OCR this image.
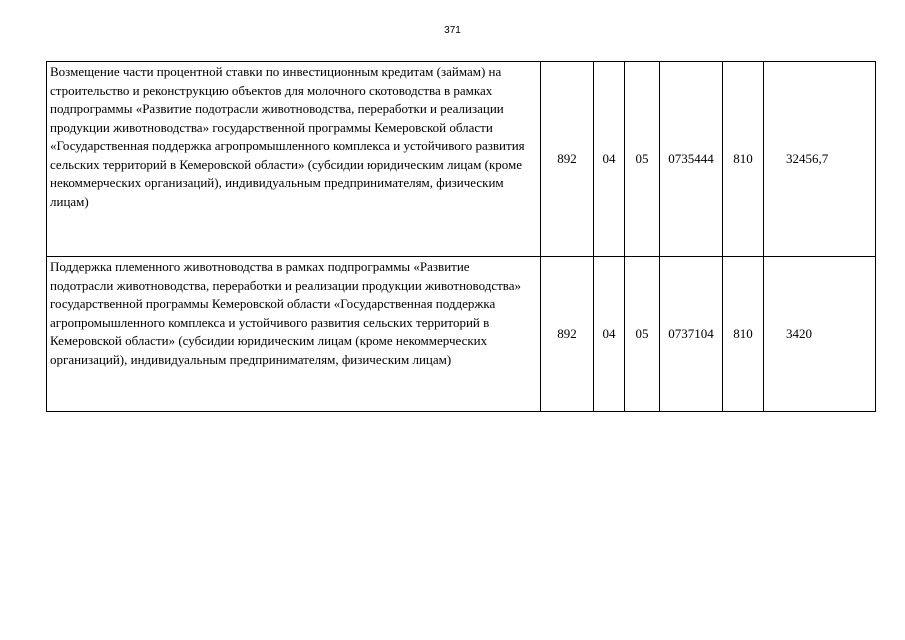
371
Возмещение части процентной ставки по инвестиционным кредитам (займам) на строительство и реконструкцию объектов для молочного скотоводства в рамках подпрограммы «Развитие подотрасли животноводства, переработки и реализации продукции животноводства» государственной программы Кемеровской области «Государственная поддержка агропромышленного комплекса и устойчивого развития сельских территорий в Кемеровской области» (субсидии юридическим лицам (кроме некоммерческих организаций), индивидуальным предпринимателям, физическим лицам)	892	04	05	0735444	810	32456,7
Поддержка племенного животноводства в рамках подпрограммы «Развитие подотрасли животноводства, переработки и реализации продукции животноводства» государственной программы Кемеровской области «Государственная поддержка агропромышленного комплекса и устойчивого развития сельских территорий в Кемеровской области» (субсидии юридическим лицам (кроме некоммерческих организаций), индивидуальным предпринимателям, физическим лицам)	892	04	05	0737104	810	3420
